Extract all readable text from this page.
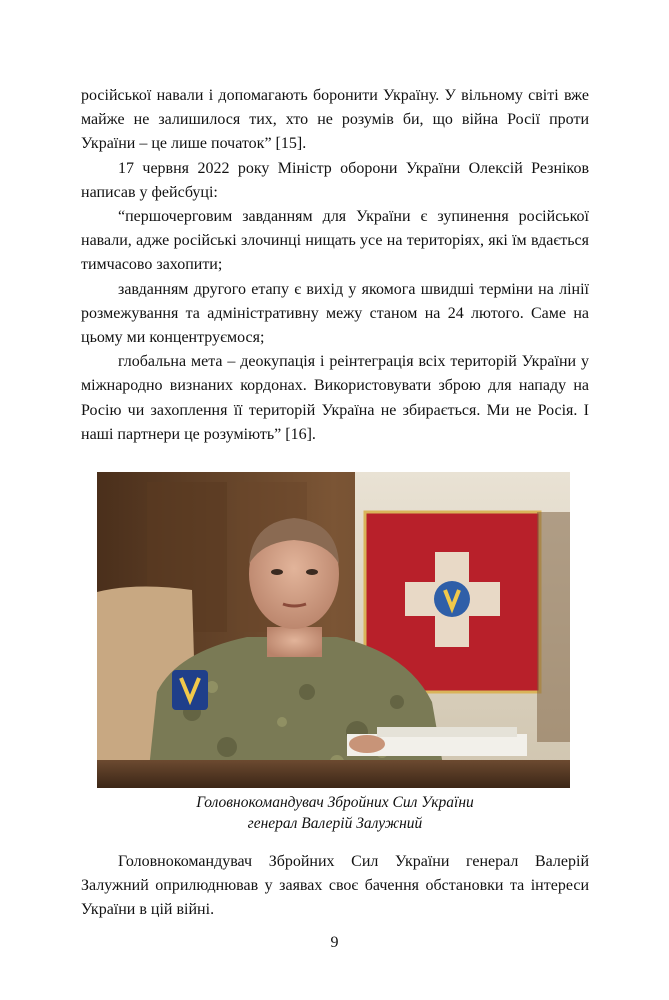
російської навали і допомагають боронити Україну. У вільному світі вже майже не залишилося тих, хто не розумів би, що війна Росії проти України – це лише початок” [15].

17 червня 2022 року Міністр оборони України Олексій Резніков написав у фейсбуці:

“першочерговим завданням для України є зупинення російської навали, адже російські злочинці нищать усе на територіях, які їм вдається тимчасово захопити;

завданням другого етапу є вихід у якомога швидші терміни на лінії розмежування та адміністративну межу станом на 24 лютого. Саме на цьому ми концентруємося;

глобальна мета – деокупація і реінтеграція всіх територій України у міжнародно визнаних кордонах. Використовувати зброю для нападу на Росію чи захоплення її територій Україна не збирається. Ми не Росія. І наші партнери це розуміють” [16].

Головнокомандувач Збройних Сил України
генерал Валерій Залужний

Головнокомандувач Збройних Сил України генерал Валерій Залужний оприлюднював у заявах своє бачення обстановки та інтереси України в цій війні.

9
